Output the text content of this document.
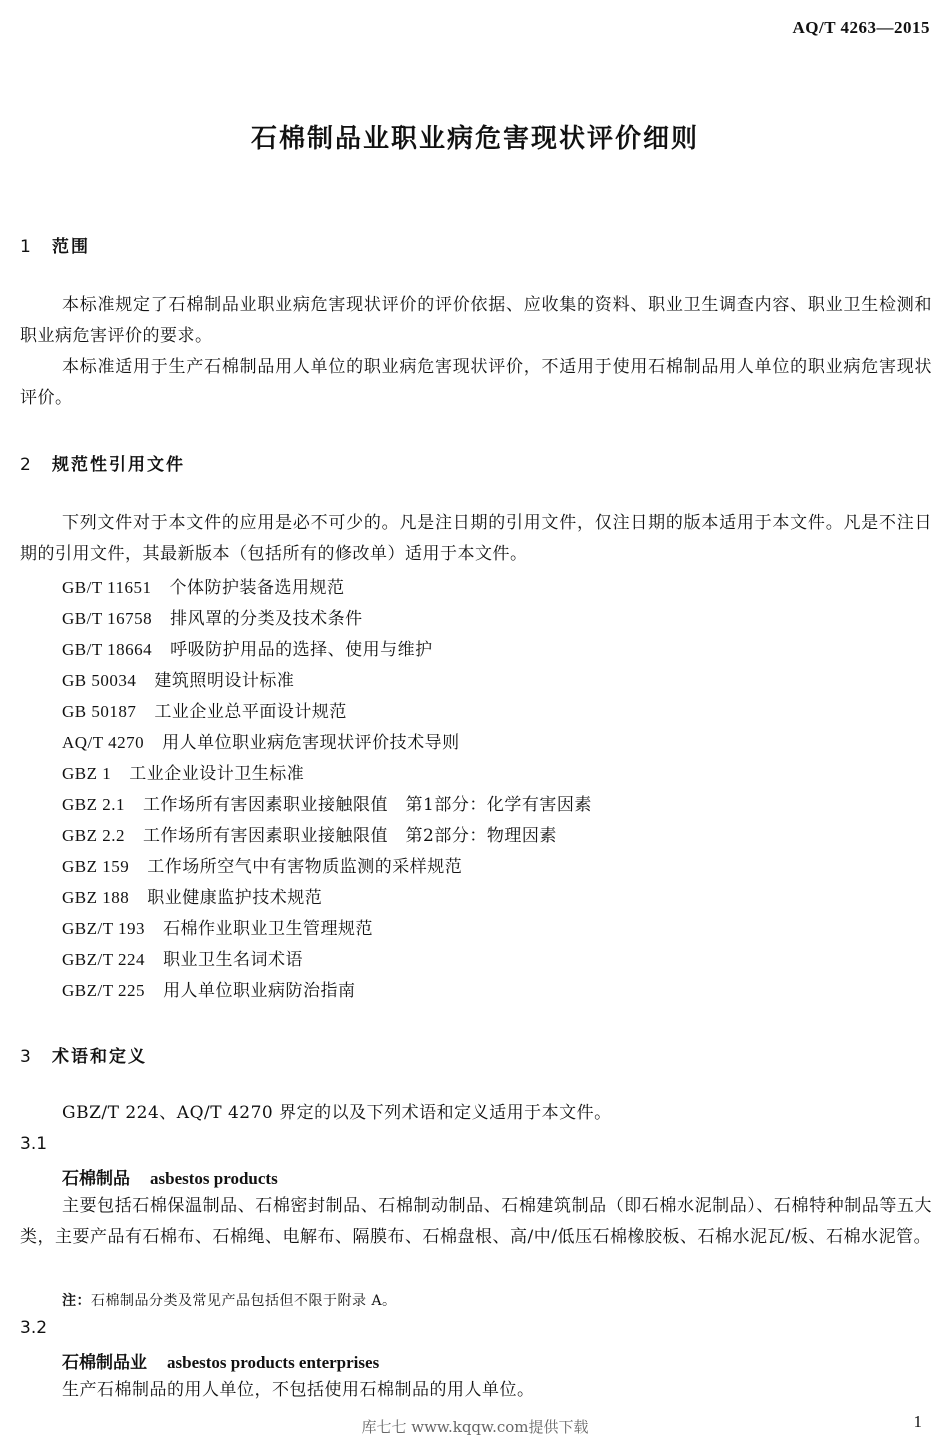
AQ/T 4263—2015
石棉制品业职业病危害现状评价细则
1 范围
本标准规定了石棉制品业职业病危害现状评价的评价依据、应收集的资料、职业卫生调查内容、职业卫生检测和职业病危害评价的要求。
本标准适用于生产石棉制品用人单位的职业病危害现状评价，不适用于使用石棉制品用人单位的职业病危害现状评价。
2 规范性引用文件
下列文件对于本文件的应用是必不可少的。凡是注日期的引用文件，仅注日期的版本适用于本文件。凡是不注日期的引用文件，其最新版本（包括所有的修改单）适用于本文件。
GB/T 11651 个体防护装备选用规范
GB/T 16758 排风罩的分类及技术条件
GB/T 18664 呼吸防护用品的选择、使用与维护
GB 50034 建筑照明设计标准
GB 50187 工业企业总平面设计规范
AQ/T 4270 用人单位职业病危害现状评价技术导则
GBZ 1 工业企业设计卫生标准
GBZ 2.1 工作场所有害因素职业接触限值　第1部分：化学有害因素
GBZ 2.2 工作场所有害因素职业接触限值　第2部分：物理因素
GBZ 159 工作场所空气中有害物质监测的采样规范
GBZ 188 职业健康监护技术规范
GBZ/T 193 石棉作业职业卫生管理规范
GBZ/T 224 职业卫生名词术语
GBZ/T 225 用人单位职业病防治指南
3 术语和定义
GBZ/T 224、AQ/T 4270 界定的以及下列术语和定义适用于本文件。
3.1
石棉制品 asbestos products
主要包括石棉保温制品、石棉密封制品、石棉制动制品、石棉建筑制品（即石棉水泥制品）、石棉特种制品等五大类，主要产品有石棉布、石棉绳、电解布、隔膜布、石棉盘根、高/中/低压石棉橡胶板、石棉水泥瓦/板、石棉水泥管。
注：石棉制品分类及常见产品包括但不限于附录 A。
3.2
石棉制品业 asbestos products enterprises
生产石棉制品的用人单位，不包括使用石棉制品的用人单位。
库七七 www.kqqw.com提供下载	1
